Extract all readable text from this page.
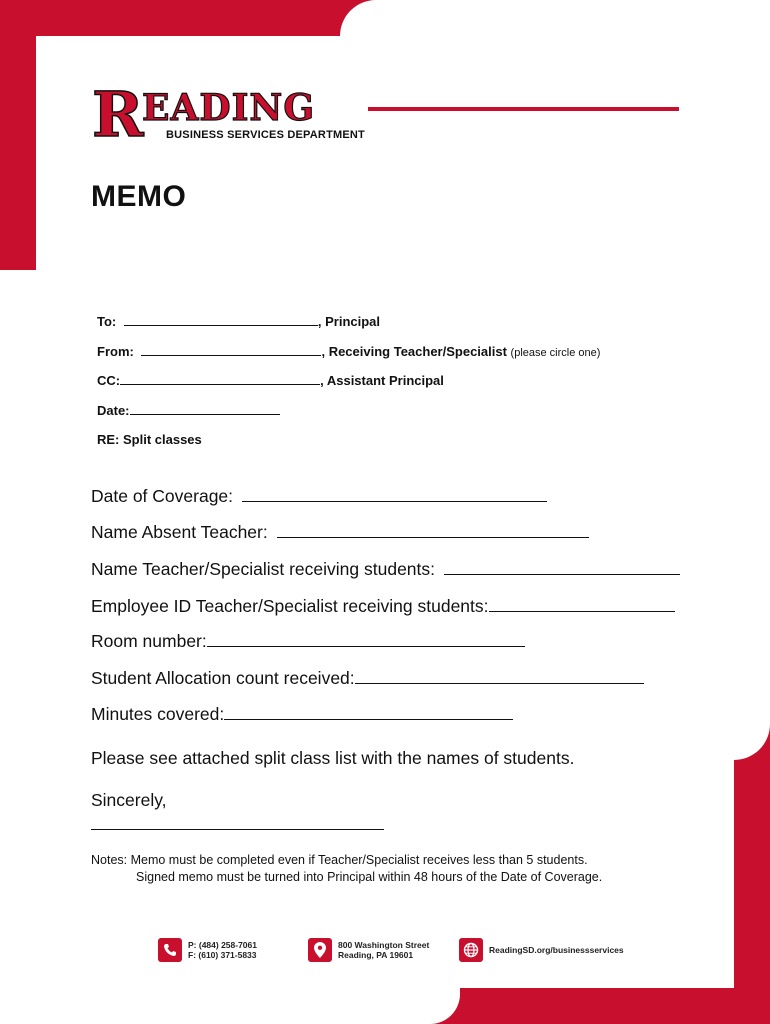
R
EADING
BUSINESS SERVICES DEPARTMENT
MEMO
To:	, Principal
From:	, Receiving Teacher/Specialist (please circle one)
CC:	, Assistant Principal
Date:
RE: Split classes
Date of Coverage:
Name Absent Teacher:
Name Teacher/Specialist receiving students:
Employee ID Teacher/Specialist receiving students:
Room number:
Student Allocation count received:
Minutes covered:
Please see attached split class list with the names of students.
Sincerely,
Notes: Memo must be completed even if Teacher/Specialist receives less than 5 students.
Signed memo must be turned into Principal within 48 hours of the Date of Coverage.
P: (484) 258-7061
F: (610) 371-5833
800 Washington Street
Reading, PA 19601	ReadingSD.org/businessservices
